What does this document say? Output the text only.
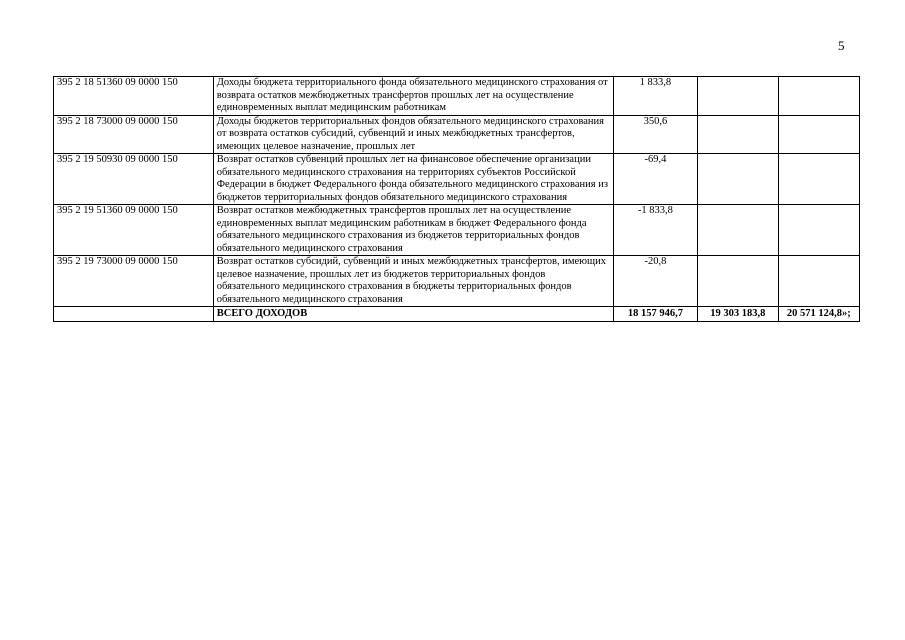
5
395 2 18 51360 09 0000 150	Доходы бюджета территориального фонда обязательного медицинского страхования от возврата остатков межбюджетных трансфертов прошлых лет на осуществление единовременных выплат медицинским работникам	1 833,8		
395 2 18 73000 09 0000 150	Доходы бюджетов территориальных фондов обязательного медицинского страхования от возврата остатков субсидий, субвенций и иных межбюджетных трансфертов, имеющих целевое назначение, прошлых лет	350,6		
395 2 19 50930 09 0000 150	Возврат остатков субвенций прошлых лет на финансовое обеспечение организации обязательного медицинского страхования на территориях субъектов Российской Федерации в бюджет Федерального фонда обязательного медицинского страхования из бюджетов территориальных фондов обязательного медицинского страхования	-69,4		
395 2 19 51360 09 0000 150	Возврат остатков межбюджетных трансфертов прошлых лет на осуществление единовременных выплат медицинским работникам в бюджет Федерального фонда обязательного медицинского страхования из бюджетов территориальных фондов обязательного медицинского страхования	-1 833,8		
395 2 19 73000 09 0000 150	Возврат остатков субсидий, субвенций и иных межбюджетных трансфертов, имеющих целевое назначение, прошлых лет из бюджетов территориальных фондов обязательного медицинского страхования в бюджеты территориальных фондов обязательного медицинского страхования	-20,8		
	ВСЕГО ДОХОДОВ	18 157 946,7	19 303 183,8	20 571 124,8»;
